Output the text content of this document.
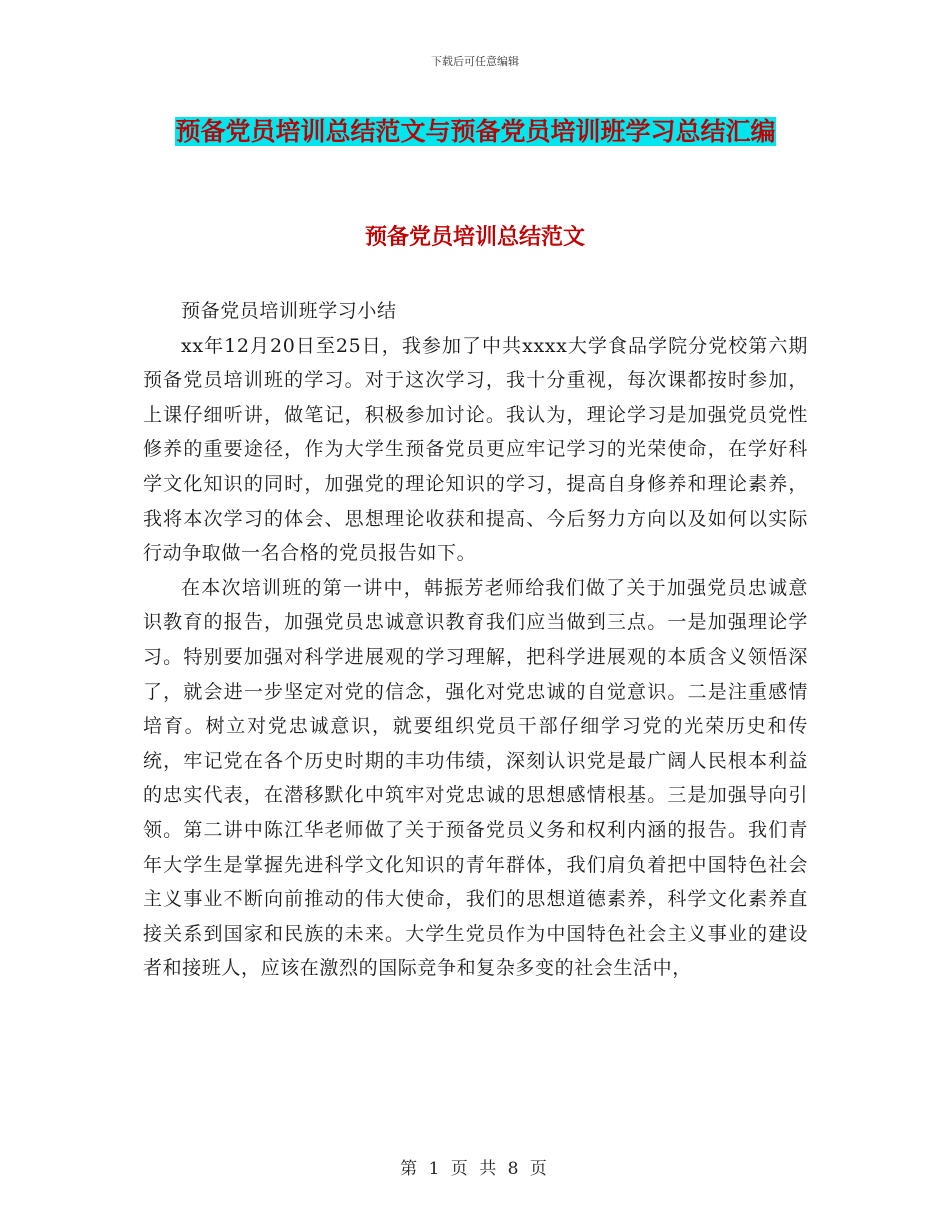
下载后可任意编辑
预备党员培训总结范文与预备党员培训班学习总结汇编
预备党员培训总结范文

预备党员培训班学习小结

xx年12月20日至25日，我参加了中共xxxx大学食品学院分党校第六期预备党员培训班的学习。对于这次学习，我十分重视，每次课都按时参加，上课仔细听讲，做笔记，积极参加讨论。我认为，理论学习是加强党员党性修养的重要途径，作为大学生预备党员更应牢记学习的光荣使命，在学好科学文化知识的同时，加强党的理论知识的学习，提高自身修养和理论素养，我将本次学习的体会、思想理论收获和提高、今后努力方向以及如何以实际行动争取做一名合格的党员报告如下。

在本次培训班的第一讲中，韩振芳老师给我们做了关于加强党员忠诚意识教育的报告，加强党员忠诚意识教育我们应当做到三点。一是加强理论学习。特别要加强对科学进展观的学习理解，把科学进展观的本质含义领悟深了，就会进一步坚定对党的信念，强化对党忠诚的自觉意识。二是注重感情培育。树立对党忠诚意识，就要组织党员干部仔细学习党的光荣历史和传统，牢记党在各个历史时期的丰功伟绩，深刻认识党是最广阔人民根本利益的忠实代表，在潜移默化中筑牢对党忠诚的思想感情根基。三是加强导向引领。第二讲中陈江华老师做了关于预备党员义务和权利内涵的报告。我们青年大学生是掌握先进科学文化知识的青年群体，我们肩负着把中国特色社会主义事业不断向前推动的伟大使命，我们的思想道德素养，科学文化素养直接关系到国家和民族的未来。大学生党员作为中国特色社会主义事业的建设者和接班人，应该在激烈的国际竞争和复杂多变的社会生活中，

第 1 页 共 8 页
